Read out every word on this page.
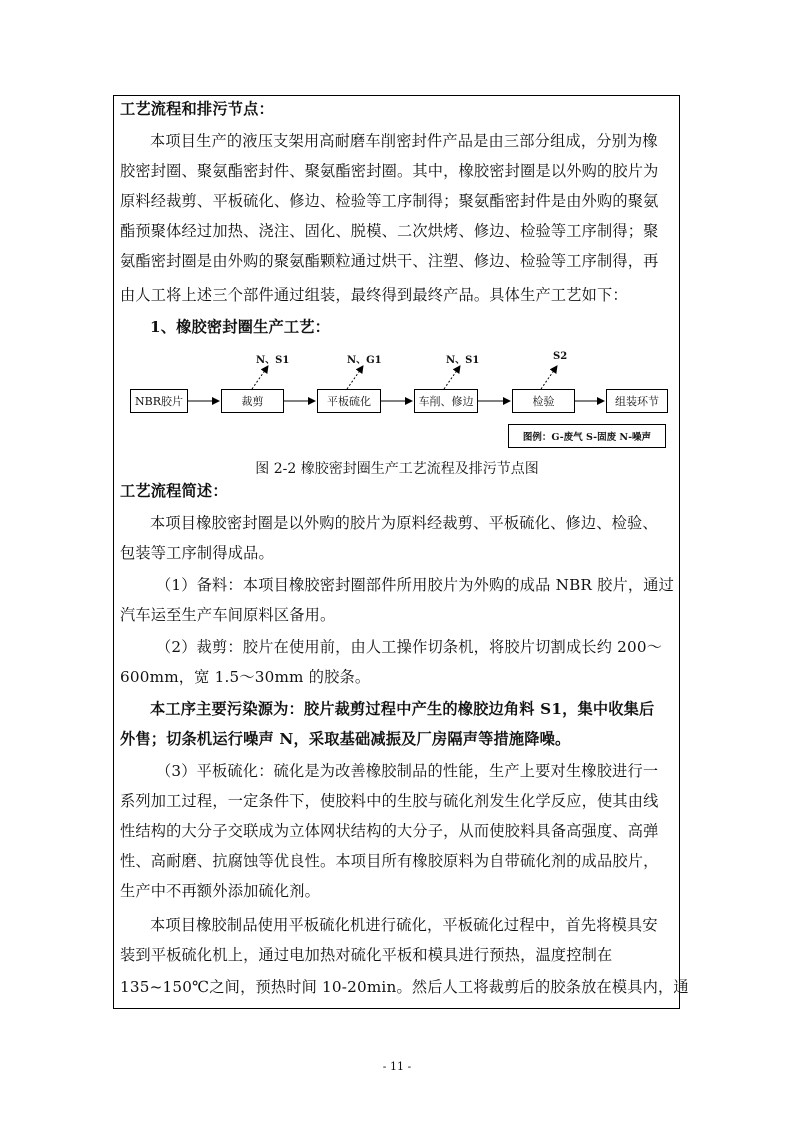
工艺流程和排污节点：

本项目生产的液压支架用高耐磨车削密封件产品是由三部分组成，分别为橡

胶密封圈、聚氨酯密封件、聚氨酯密封圈。其中，橡胶密封圈是以外购的胶片为

原料经裁剪、平板硫化、修边、检验等工序制得；聚氨酯密封件是由外购的聚氨

酯预聚体经过加热、浇注、固化、脱模、二次烘烤、修边、检验等工序制得；聚

氨酯密封圈是由外购的聚氨酯颗粒通过烘干、注塑、修边、检验等工序制得，再

由人工将上述三个部件通过组装，最终得到最终产品。具体生产工艺如下：

1、橡胶密封圈生产工艺：

NBR胶片	裁剪	平板硫化	车削、修边	检验	组装环节
N、S1	N、G1	N、S1	S2
图例：G-废气 S-固废 N-噪声
图 2-2 橡胶密封圈生产工艺流程及排污节点图

工艺流程简述：

本项目橡胶密封圈是以外购的胶片为原料经裁剪、平板硫化、修边、检验、

包装等工序制得成品。

（1）备料：本项目橡胶密封圈部件所用胶片为外购的成品 NBR 胶片，通过

汽车运至生产车间原料区备用。

（2）裁剪：胶片在使用前，由人工操作切条机，将胶片切割成长约 200～

600mm，宽 1.5～30mm 的胶条。

本工序主要污染源为：胶片裁剪过程中产生的橡胶边角料 S1，集中收集后

外售；切条机运行噪声 N，采取基础减振及厂房隔声等措施降噪。

（3）平板硫化：硫化是为改善橡胶制品的性能，生产上要对生橡胶进行一

系列加工过程，一定条件下，使胶料中的生胶与硫化剂发生化学反应，使其由线

性结构的大分子交联成为立体网状结构的大分子，从而使胶料具备高强度、高弹

性、高耐磨、抗腐蚀等优良性。本项目所有橡胶原料为自带硫化剂的成品胶片，

生产中不再额外添加硫化剂。

本项目橡胶制品使用平板硫化机进行硫化，平板硫化过程中，首先将模具安

装到平板硫化机上，通过电加热对硫化平板和模具进行预热，温度控制在

135~150℃之间，预热时间 10-20min。然后人工将裁剪后的胶条放在模具内，通

- 11 -
